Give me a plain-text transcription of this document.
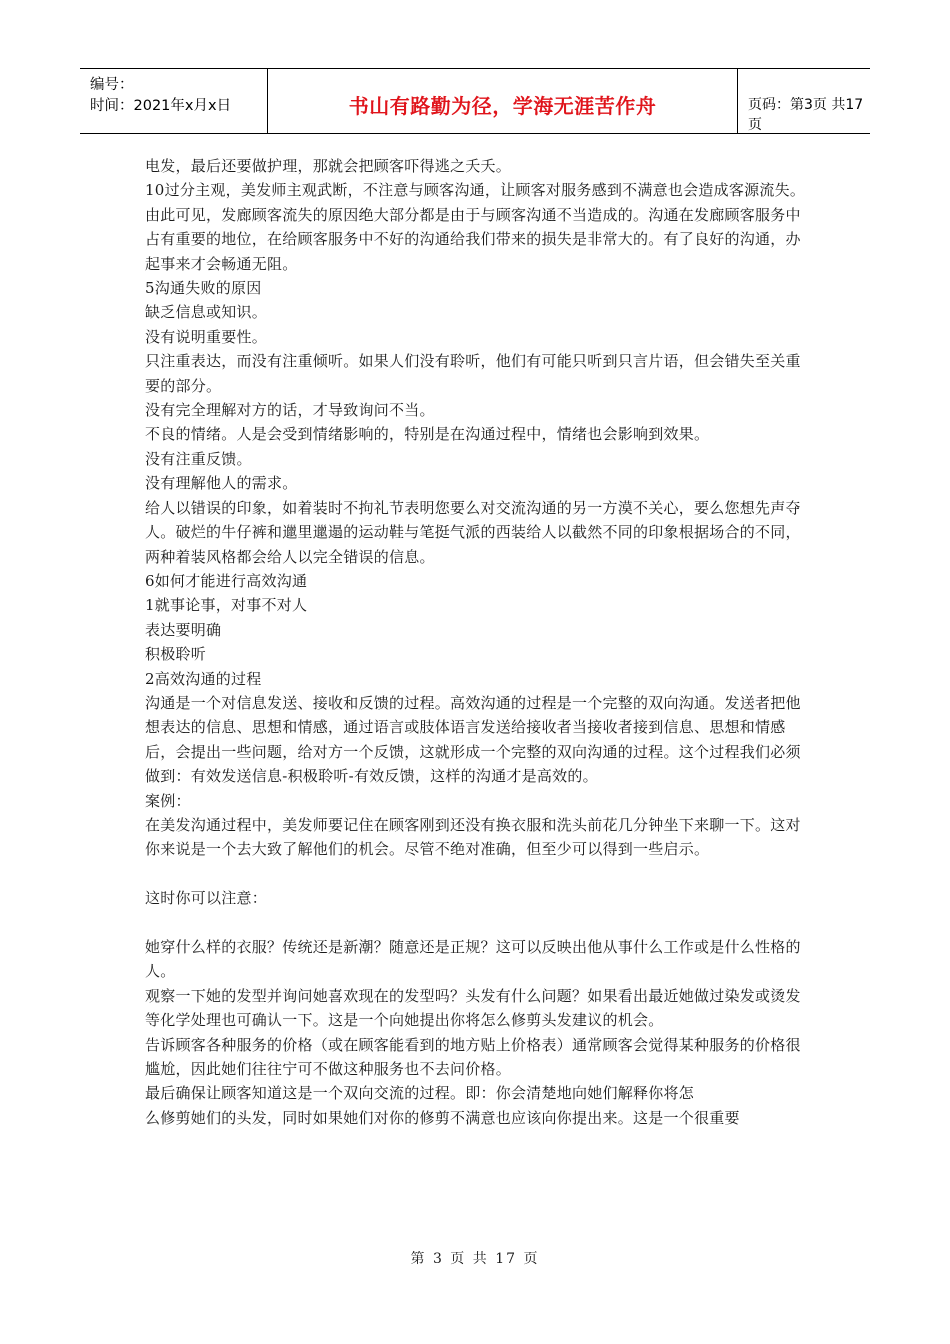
编号：
时间：2021年x月x日	书山有路勤为径，学海无涯苦作舟	页码：第3页 共17页

电发，最后还要做护理，那就会把顾客吓得逃之夭夭。

10过分主观，美发师主观武断，不注意与顾客沟通，让顾客对服务感到不满意也会造成客源流失。

由此可见，发廊顾客流失的原因绝大部分都是由于与顾客沟通不当造成的。沟通在发廊顾客服务中占有重要的地位，在给顾客服务中不好的沟通给我们带来的损失是非常大的。有了良好的沟通，办起事来才会畅通无阻。

5沟通失败的原因

缺乏信息或知识。

没有说明重要性。

只注重表达，而没有注重倾听。如果人们没有聆听，他们有可能只听到只言片语，但会错失至关重要的部分。

没有完全理解对方的话，才导致询问不当。

不良的情绪。人是会受到情绪影响的，特别是在沟通过程中，情绪也会影响到效果。

没有注重反馈。

没有理解他人的需求。

给人以错误的印象，如着装时不拘礼节表明您要么对交流沟通的另一方漠不关心，要么您想先声夺人。破烂的牛仔裤和邋里邋遢的运动鞋与笔挺气派的西装给人以截然不同的印象根据场合的不同，两种着装风格都会给人以完全错误的信息。

6如何才能进行高效沟通

1就事论事，对事不对人

表达要明确

积极聆听

2高效沟通的过程

沟通是一个对信息发送、接收和反馈的过程。高效沟通的过程是一个完整的双向沟通。发送者把他想表达的信息、思想和情感，通过语言或肢体语言发送给接收者当接收者接到信息、思想和情感后，会提出一些问题，给对方一个反馈，这就形成一个完整的双向沟通的过程。这个过程我们必须做到：有效发送信息-积极聆听-有效反馈，这样的沟通才是高效的。

案例：

在美发沟通过程中，美发师要记住在顾客刚到还没有换衣服和洗头前花几分钟坐下来聊一下。这对你来说是一个去大致了解他们的机会。尽管不绝对准确，但至少可以得到一些启示。

这时你可以注意：

她穿什么样的衣服？传统还是新潮？随意还是正规？这可以反映出他从事什么工作或是什么性格的人。

观察一下她的发型并询问她喜欢现在的发型吗？头发有什么问题？如果看出最近她做过染发或烫发等化学处理也可确认一下。这是一个向她提出你将怎么修剪头发建议的机会。

告诉顾客各种服务的价格（或在顾客能看到的地方贴上价格表）通常顾客会觉得某种服务的价格很尴尬，因此她们往往宁可不做这种服务也不去问价格。

最后确保让顾客知道这是一个双向交流的过程。即：你会清楚地向她们解释你将怎

么修剪她们的头发，同时如果她们对你的修剪不满意也应该向你提出来。这是一个很重要

第 3 页 共 17 页
